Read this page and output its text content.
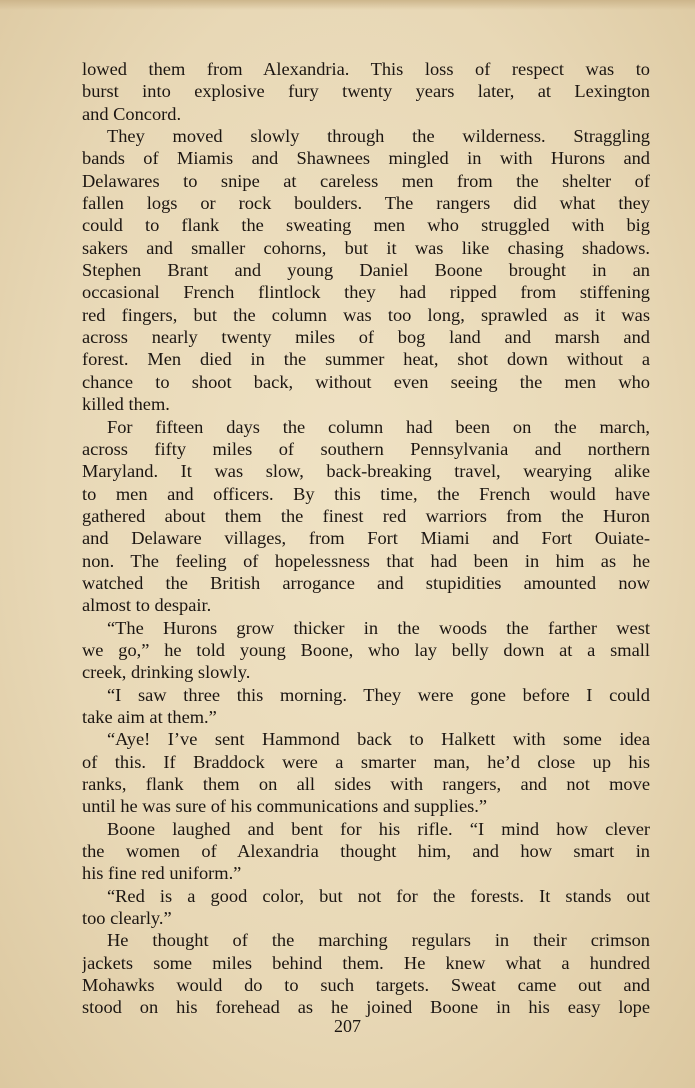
lowed them from Alexandria. This loss of respect was to
burst into explosive fury twenty years later, at Lexington
and Concord.
They moved slowly through the wilderness. Straggling
bands of Miamis and Shawnees mingled in with Hurons and
Delawares to snipe at careless men from the shelter of
fallen logs or rock boulders. The rangers did what they
could to flank the sweating men who struggled with big
sakers and smaller cohorns, but it was like chasing shadows.
Stephen Brant and young Daniel Boone brought in an
occasional French flintlock they had ripped from stiffening
red fingers, but the column was too long, sprawled as it was
across nearly twenty miles of bog land and marsh and
forest. Men died in the summer heat, shot down without a
chance to shoot back, without even seeing the men who
killed them.
For fifteen days the column had been on the march,
across fifty miles of southern Pennsylvania and northern
Maryland. It was slow, back-breaking travel, wearying alike
to men and officers. By this time, the French would have
gathered about them the finest red warriors from the Huron
and Delaware villages, from Fort Miami and Fort Ouiate-
non. The feeling of hopelessness that had been in him as he
watched the British arrogance and stupidities amounted now
almost to despair.
“The Hurons grow thicker in the woods the farther west
we go,” he told young Boone, who lay belly down at a small
creek, drinking slowly.
“I saw three this morning. They were gone before I could
take aim at them.”
“Aye! I’ve sent Hammond back to Halkett with some idea
of this. If Braddock were a smarter man, he’d close up his
ranks, flank them on all sides with rangers, and not move
until he was sure of his communications and supplies.”
Boone laughed and bent for his rifle. “I mind how clever
the women of Alexandria thought him, and how smart in
his fine red uniform.”
“Red is a good color, but not for the forests. It stands out
too clearly.”
He thought of the marching regulars in their crimson
jackets some miles behind them. He knew what a hundred
Mohawks would do to such targets. Sweat came out and
stood on his forehead as he joined Boone in his easy lope
207
